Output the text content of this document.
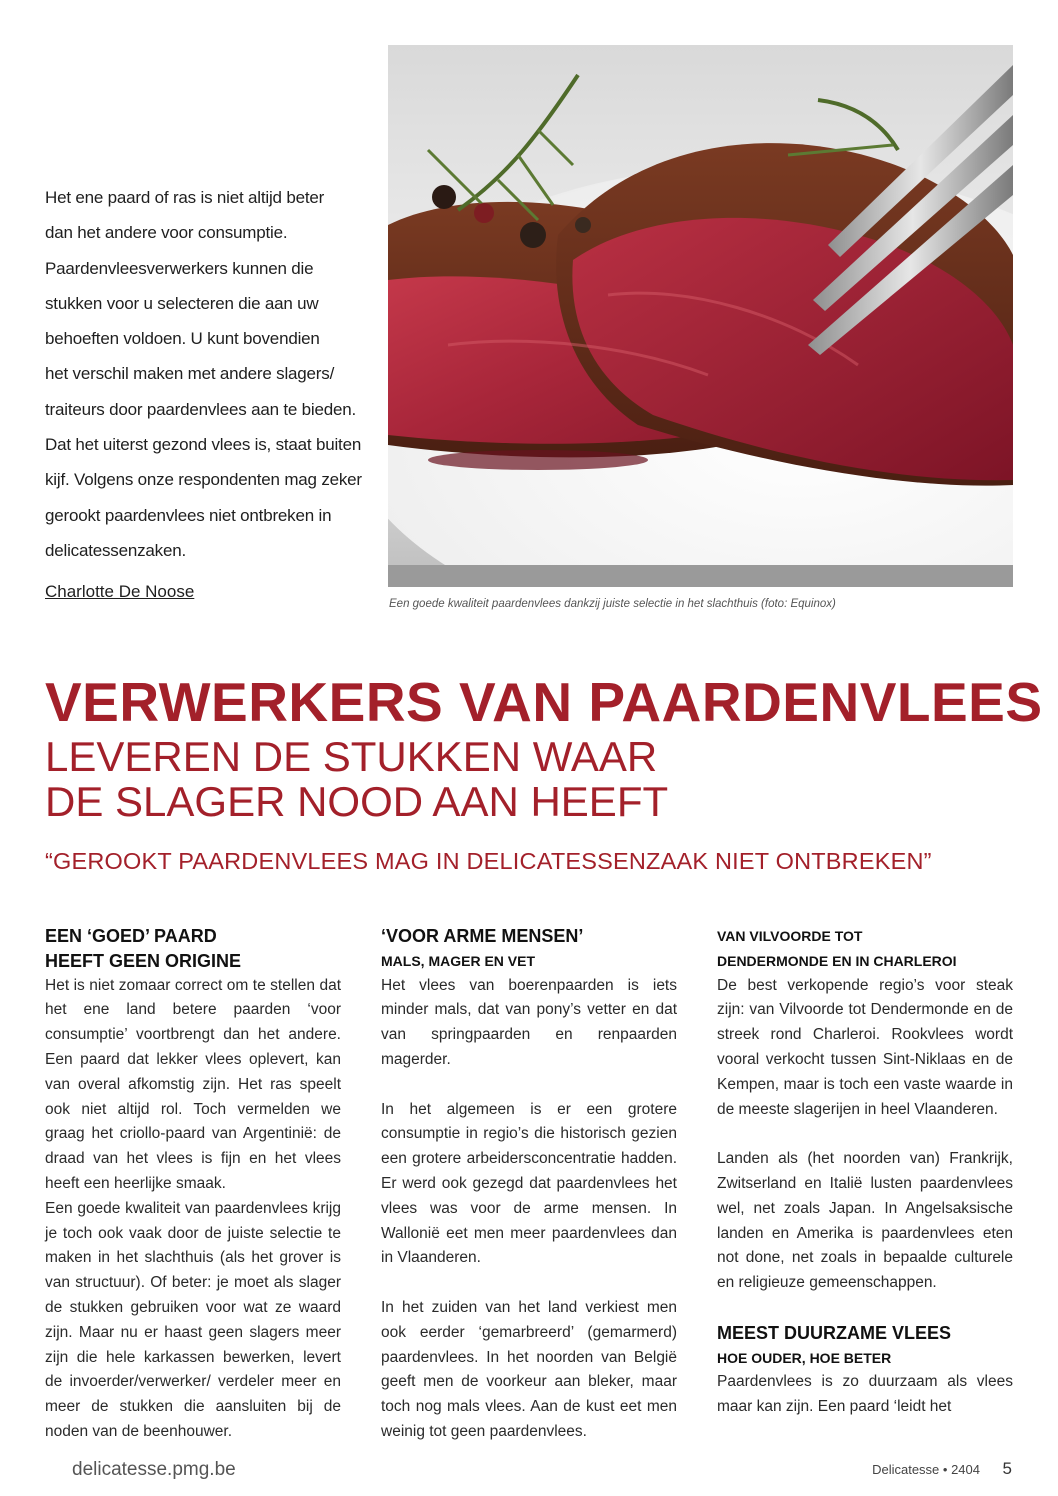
Het ene paard of ras is niet altijd beter
dan het andere voor consumptie.
Paardenvleesverwerkers kunnen die
stukken voor u selecteren die aan uw
behoeften voldoen. U kunt bovendien
het verschil maken met andere slagers/
traiteurs door paardenvlees aan te bieden.
Dat het uiterst gezond vlees is, staat buiten
kijf. Volgens onze respondenten mag zeker
gerookt paardenvlees niet ontbreken in
delicatessenzaken.
Charlotte De Noose
Een goede kwaliteit paardenvlees dankzij juiste selectie in het slachthuis (foto: Equinox)
VERWERKERS VAN PAARDENVLEES
LEVEREN DE STUKKEN WAAR
DE SLAGER NOOD AAN HEEFT
“GEROOKT PAARDENVLEES MAG IN DELICATESSENZAAK NIET ONTBREKEN”
EEN ‘GOED’ PAARD
HEEFT GEEN ORIGINE

Het is niet zomaar correct om te stellen dat het ene land betere paarden ‘voor consumptie’ voortbrengt dan het andere. Een paard dat lekker vlees oplevert, kan van overal afkomstig zijn. Het ras speelt ook niet altijd rol. Toch vermelden we graag het criollo-paard van Argentinië: de draad van het vlees is fijn en het vlees heeft een heerlijke smaak.

Een goede kwaliteit van paardenvlees krijg je toch ook vaak door de juiste selectie te maken in het slachthuis (als het grover is van structuur). Of beter: je moet als slager de stukken gebruiken voor wat ze waard zijn. Maar nu er haast geen slagers meer zijn die hele karkassen bewerken, levert de invoerder/verwerker/ verdeler meer en meer de stukken die aansluiten bij de noden van de beenhouwer.

‘VOOR ARME MENSEN’
MALS, MAGER EN VET

Het vlees van boerenpaarden is iets minder mals, dat van pony’s vetter en dat van springpaarden en renpaarden magerder.

In het algemeen is er een grotere consumptie in regio’s die historisch gezien een grotere arbeidersconcentratie hadden. Er werd ook gezegd dat paardenvlees het vlees was voor de arme mensen. In Wallonië eet men meer paardenvlees dan in Vlaanderen.

In het zuiden van het land verkiest men ook eerder ‘gemarbreerd’ (gemarmerd) paardenvlees. In het noorden van België geeft men de voorkeur aan bleker, maar toch nog mals vlees. Aan de kust eet men weinig tot geen paardenvlees.

VAN VILVOORDE TOT
DENDERMONDE EN IN CHARLEROI

De best verkopende regio’s voor steak zijn: van Vilvoorde tot Dendermonde en de streek rond Charleroi. Rookvlees wordt vooral verkocht tussen Sint-Niklaas en de Kempen, maar is toch een vaste waarde in de meeste slagerijen in heel Vlaanderen.

Landen als (het noorden van) Frankrijk, Zwitserland en Italië lusten paardenvlees wel, net zoals Japan. In Angelsaksische landen en Amerika is paardenvlees eten not done, net zoals in bepaalde culturele en religieuze gemeenschappen.

MEEST DUURZAME VLEES
HOE OUDER, HOE BETER

Paardenvlees is zo duurzaam als vlees maar kan zijn. Een paard ‘leidt het

delicatesse.pmg.be	Delicatesse • 2404 5
